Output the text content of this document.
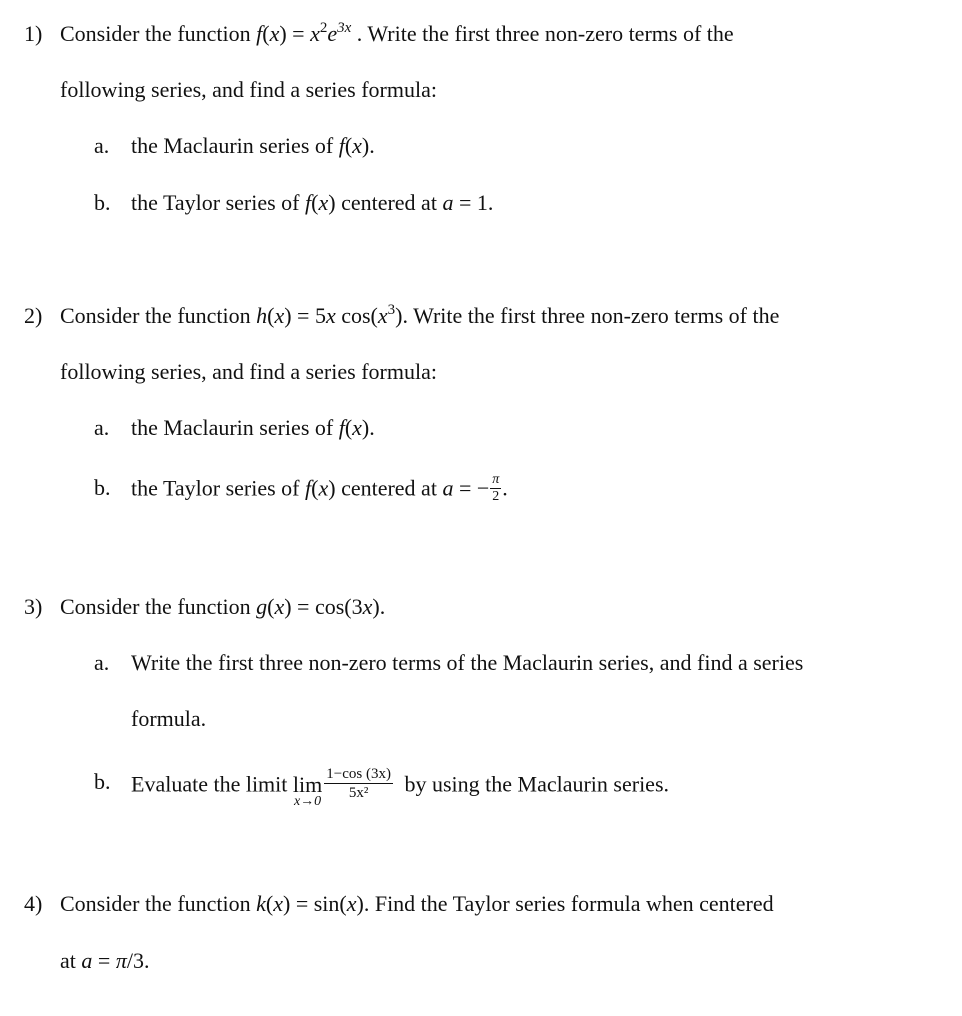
1) Consider the function $f(x) = x^2e^{3x}$ . Write the first three non-zero terms of the
following series, and find a series formula:
a. the Maclaurin series of f(x).
b. the Taylor series of f(x) centered at a = 1.
2) Consider the function h(x) = 5x $\cos(x^3)$. Write the first three non-zero terms of the
following series, and find a series formula:
a. the Maclaurin series of f(x).
b. the Taylor series of f(x) centered at a = − $\frac{\pi}{2}$ .
3) Consider the function g(x) = cos(3x).
a. Write the first three non-zero terms of the Maclaurin series, and find a series
formula.
b. Evaluate the limit lim
$x\to 0 \frac{1-\cos (3x)}{\text{5x²}}$ by using the Maclaurin series.
4) Consider the function k(x) = sin(x). Find the Taylor series formula when centered
at a = π/3.
